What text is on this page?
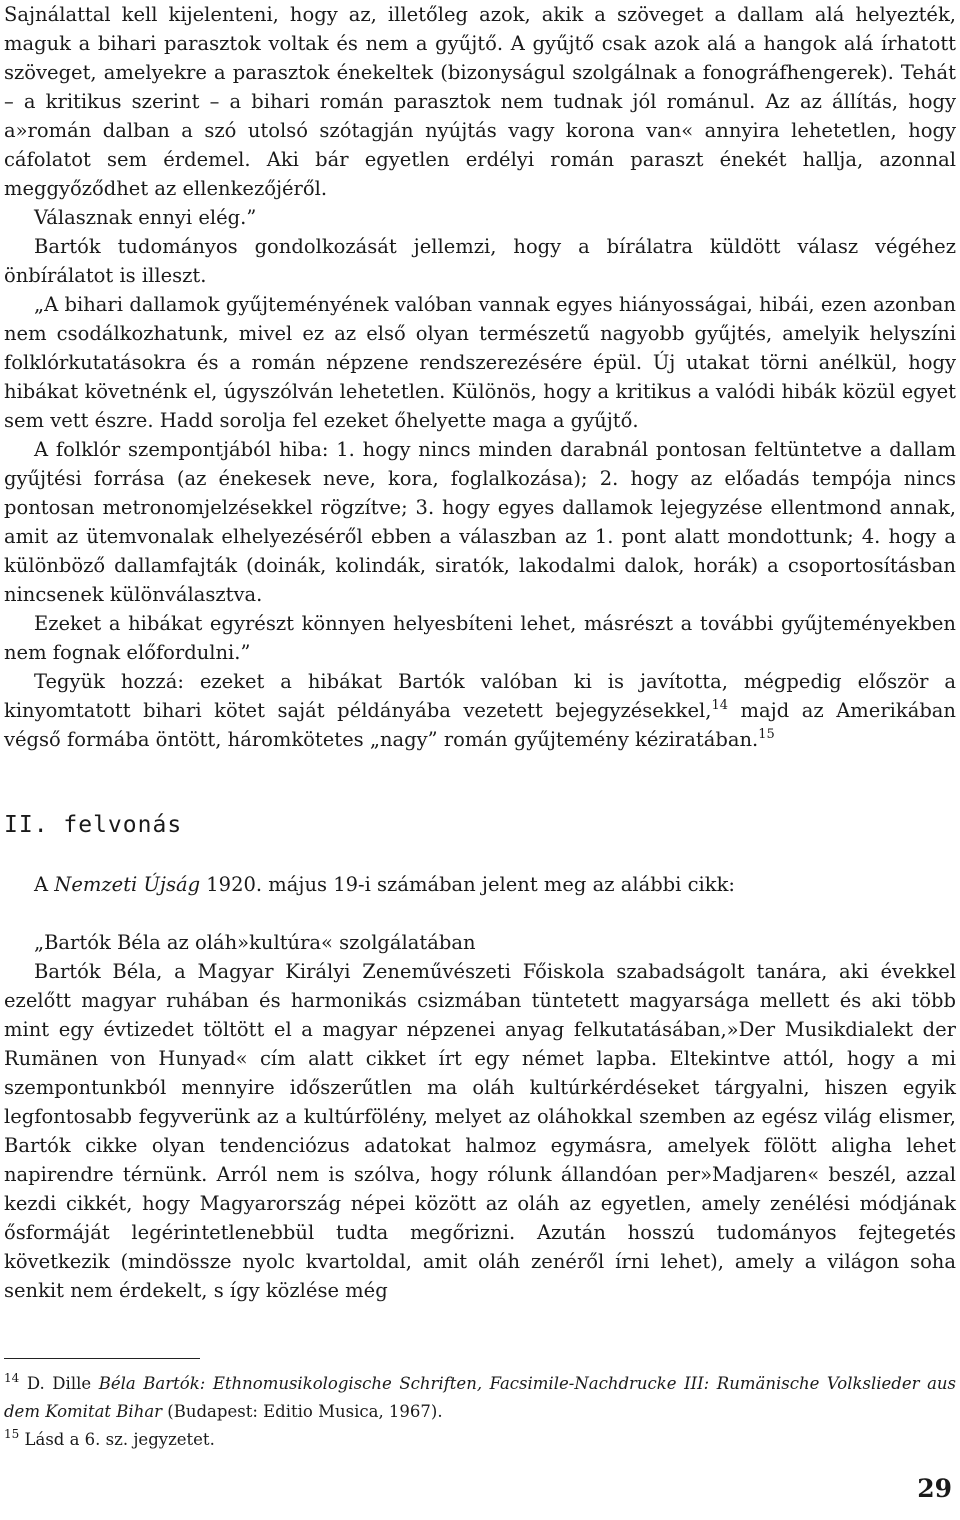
Sajnálattal kell kijelenteni, hogy az, illetőleg azok, akik a szöveget a dallam alá helyezték, maguk a bihari parasztok voltak és nem a gyűjtő. A gyűjtő csak azok alá a hangok alá írhatott szöveget, amelyekre a parasztok énekeltek (bizonyságul szolgálnak a fonográfhengerek). Tehát – a kritikus szerint – a bihari román parasztok nem tudnak jól románul. Az az állítás, hogy a»román dalban a szó utolsó szótagján nyújtás vagy korona van« annyira lehetetlen, hogy cáfolatot sem érdemel. Aki bár egyetlen erdélyi román paraszt énekét hallja, azonnal meggyőződhet az ellenkezőjéről.

Válasznak ennyi elég.”

Bartók tudományos gondolkozását jellemzi, hogy a bírálatra küldött válasz végéhez önbírálatot is illeszt.

„A bihari dallamok gyűjteményének valóban vannak egyes hiányosságai, hibái, ezen azonban nem csodálkozhatunk, mivel ez az első olyan természetű nagyobb gyűjtés, amelyik helyszíni folklórkutatásokra és a román népzene rendszerezésére épül. Új utakat törni anélkül, hogy hibákat követnénk el, úgyszólván lehetetlen. Különös, hogy a kritikus a valódi hibák közül egyet sem vett észre. Hadd sorolja fel ezeket őhelyette maga a gyűjtő.

A folklór szempontjából hiba: 1. hogy nincs minden darabnál pontosan feltüntetve a dallam gyűjtési forrása (az énekesek neve, kora, foglalkozása); 2. hogy az előadás tempója nincs pontosan metronomjelzésekkel rögzítve; 3. hogy egyes dallamok lejegyzése ellentmond annak, amit az ütemvonalak elhelyezéséről ebben a válaszban az 1. pont alatt mondottunk; 4. hogy a különböző dallamfajták (doinák, kolindák, siratók, lakodalmi dalok, horák) a csoportosításban nincsenek különválasztva.

Ezeket a hibákat egyrészt könnyen helyesbíteni lehet, másrészt a további gyűjteményekben nem fognak előfordulni.”

Tegyük hozzá: ezeket a hibákat Bartók valóban ki is javította, mégpedig először a kinyomtatott bihari kötet saját példányába vezetett bejegyzésekkel,$^{14}$ majd az Amerikában végső formába öntött, háromkötetes „nagy” román gyűjtemény kéziratában.$^{15}$

II. felvonás

A Nemzeti Újság 1920. május 19-i számában jelent meg az alábbi cikk:

„Bartók Béla az oláh»kultúra« szolgálatában

Bartók Béla, a Magyar Királyi Zeneművészeti Főiskola szabadságolt tanára, aki évekkel ezelőtt magyar ruhában és harmonikás csizmában tüntetett magyarsága mellett és aki több mint egy évtizedet töltött el a magyar népzenei anyag felkutatásában,»Der Musikdialekt der Rumänen von Hunyad« cím alatt cikket írt egy német lapba. Eltekintve attól, hogy a mi szempontunkból mennyire időszerűtlen ma oláh kultúrkérdéseket tárgyalni, hiszen egyik legfontosabb fegyverünk az a kultúrfölény, melyet az oláhokkal szemben az egész világ elismer, Bartók cikke olyan tendenciózus adatokat halmoz egymásra, amelyek fölött aligha lehet napirendre térnünk. Arról nem is szólva, hogy rólunk állandóan per»Madjaren« beszél, azzal kezdi cikkét, hogy Magyarország népei között az oláh az egyetlen, amely zenélési módjának ősformáját legérintetlenebbül tudta megőrizni. Azután hosszú tudományos fejtegetés következik (mindössze nyolc kvartoldal, amit oláh zenéről írni lehet), amely a világon soha senkit nem érdekelt, s így közlése még

$^{14}$ D. Dille Béla Bartók: Ethnomusikologische Schriften, Facsimile-Nachdrucke III: Rumänische Volkslieder aus dem Komitat Bihar (Budapest: Editio Musica, 1967).

$^{15}$ Lásd a 6. sz. jegyzetet.

29
